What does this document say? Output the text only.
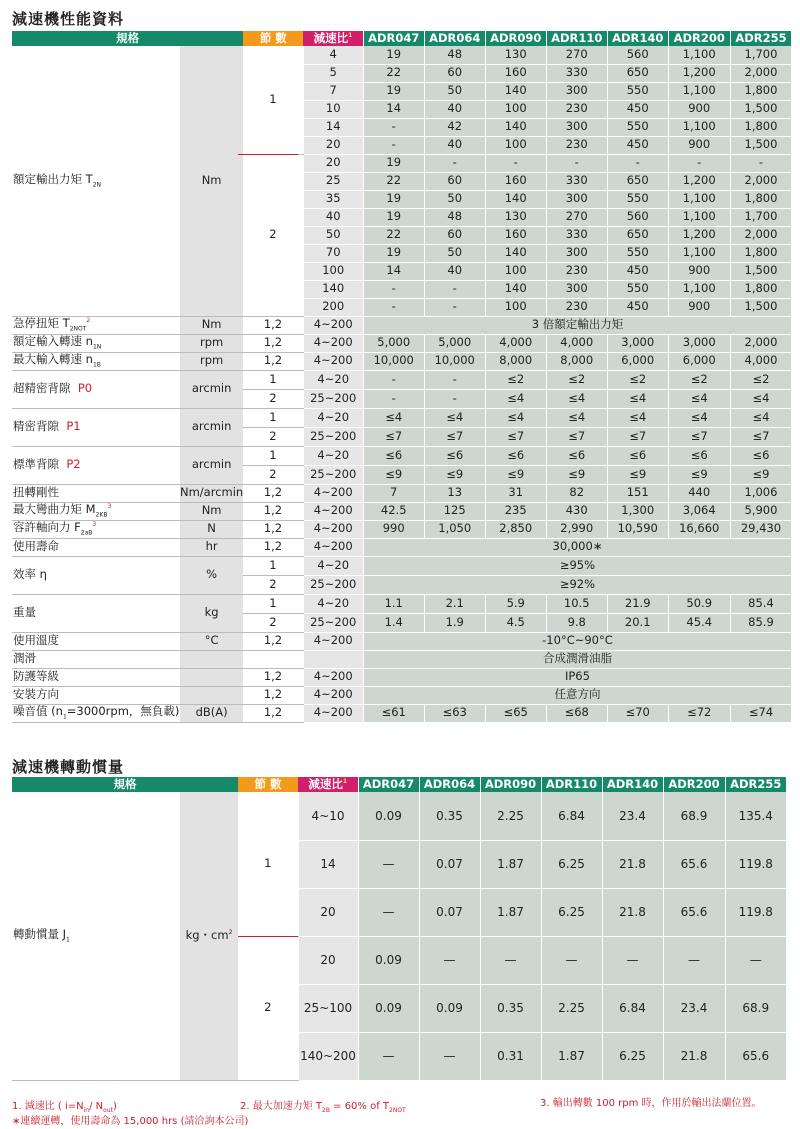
減速機性能資料
規格		節 數	減速比$^1$	ADR047	ADR064	ADR090	ADR110	ADR140	ADR200	ADR255
額定輸出力矩 $T_{2N}$	Nm	1	4	19	48	130	270	560	1,100	1,700
			5	22	60	160	330	650	1,200	2,000
			7	19	50	140	300	550	1,100	1,800
			10	14	40	100	230	450	900	1,500
			14	-	42	140	300	550	1,100	1,800
			20	-	40	100	230	450	900	1,500
		2	20	19	-	-	-	-	-	-
			25	22	60	160	330	650	1,200	2,000
			35	19	50	140	300	550	1,100	1,800
			40	19	48	130	270	560	1,100	1,700
			50	22	60	160	330	650	1,200	2,000
			70	19	50	140	300	550	1,100	1,800
			100	14	40	100	230	450	900	1,500
			140	-	-	140	300	550	1,100	1,800
			200	-	-	100	230	450	900	1,500
急停扭矩 $T_{2NOT}^2$	Nm	1,2	4~200	3 倍額定輸出力矩						
額定輸入轉速 $n_{1N}$	rpm	1,2	4~200	5,000	5,000	4,000	4,000	3,000	3,000	2,000
最大輸入轉速 $n_{1B}$	rpm	1,2	4~200	10,000	10,000	8,000	8,000	6,000	6,000	4,000
超精密背隙 P0	arcmin	1	4~20	-	-	≤2	≤2	≤2	≤2	≤2
		2	25~200	-	-	≤4	≤4	≤4	≤4	≤4
精密背隙 P1	arcmin	1	4~20	≤4	≤4	≤4	≤4	≤4	≤4	≤4
		2	25~200	≤7	≤7	≤7	≤7	≤7	≤7	≤7
標準背隙 P2	arcmin	1	4~20	≤6	≤6	≤6	≤6	≤6	≤6	≤6
		2	25~200	≤9	≤9	≤9	≤9	≤9	≤9	≤9
扭轉剛性	Nm/arcmin	1,2	4~200	7	13	31	82	151	440	1,006
最大彎曲力矩 $M_{2KB}^3$	Nm	1,2	4~200	42.5	125	235	430	1,300	3,064	5,900
容許軸向力 $F_{2aB}^3$	N	1,2	4~200	990	1,050	2,850	2,990	10,590	16,660	29,430
使用壽命	hr	1,2	4~200	30,000∗						
效率 η	%	1	4~20	≥95%						
		2	25~200	≥92%						
重量	kg	1	4~20	1.1	2.1	5.9	10.5	21.9	50.9	85.4
		2	25~200	1.4	1.9	4.5	9.8	20.1	45.4	85.9
使用溫度	°C	1,2	4~200	-10°C~90°C						
潤滑				合成潤滑油脂						
防護等級		1,2	4~200	IP65						
安裝方向		1,2	4~200	任意方向						
噪音值 ($n_1=3000rpm$，無負載)	dB(A)	1,2	4~200	≤61	≤63	≤65	≤68	≤70	≤72	≤74
減速機轉動慣量
規格		節 數	減速比$^1$	ADR047	ADR064	ADR090	ADR110	ADR140	ADR200	ADR255
轉動慣量 $J_1$	kg・$cm^2$	1	4~10	0.09	0.35	2.25	6.84	23.4	68.9	135.4
			14	—	0.07	1.87	6.25	21.8	65.6	119.8
			20	—	0.07	1.87	6.25	21.8	65.6	119.8
		2	20	0.09	—	—	—	—	—	—
			25~100	0.09	0.09	0.35	2.25	6.84	23.4	68.9
			140~200	—	—	0.31	1.87	6.25	21.8	65.6
1. 減速比 ( $i=N_{in}/$ $N_{out}$)	2. 最大加速力矩 $T_{2B} = 60\%$ of $T_{2NOT}$
3. 輸出轉數 100 rpm 時，作用於輸出法蘭位置。
∗連續運轉，使用壽命為 15,000 hrs (請洽詢本公司)
